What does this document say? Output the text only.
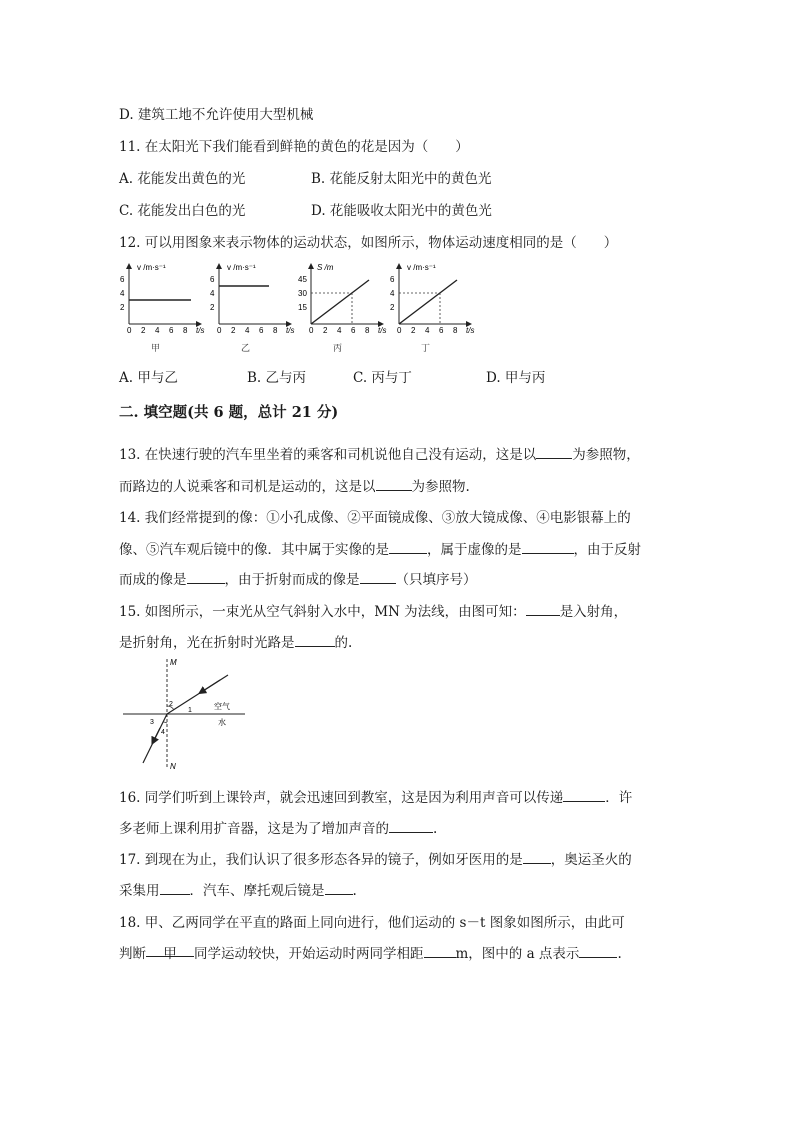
D. 建筑工地不允许使用大型机械
11. 在太阳光下我们能看到鲜艳的黄色的花是因为（　　）
A. 花能发出黄色的光	B. 花能反射太阳光中的黄色光
C. 花能发出白色的光	D. 花能吸收太阳光中的黄色光
12. 可以用图象来表示物体的运动状态，如图所示，物体运动速度相同的是（　　）
6
4
2
0 2 4 6 8 t/s
v /m·s⁻¹
甲
6
4
2
0 2 4 6 8 t/s
v /m·s⁻¹
乙
45
30
15
0 2 4 6 8 t/s
S /m
丙
6
4
2
0 2 4 6 8 t/s
v /m·s⁻¹
丁
A. 甲与乙	B. 乙与丙	C. 丙与丁	D. 甲与丙
二. 填空题(共 6 题，总计 21 分)
13. 在快速行驶的汽车里坐着的乘客和司机说他自己没有运动，这是以	为参照物，
而路边的人说乘客和司机是运动的，这是以	为参照物.
14. 我们经常提到的像：①小孔成像、②平面镜成像、③放大镜成像、④电影银幕上的
像、⑤汽车观后镜中的像．其中属于实像的是	，属于虚像的是	，由于反射
而成的像是	，由于折射而成的像是	（只填序号）
15. 如图所示，一束光从空气斜射入水中，MN 为法线，由图可知：	是入射角，
是折射角，光在折射时光路是	的.
M
N
2
1
3
4
空气
水
16. 同学们听到上课铃声，就会迅速回到教室，这是因为利用声音可以传递	．许
多老师上课利用扩音器，这是为了增加声音的	.
17. 到现在为止，我们认识了很多形态各异的镜子，例如牙医用的是 ，奥运圣火的
采集用 ．汽车、摩托观后镜是 .
18. 甲、乙两同学在平直的路面上同向进行，他们运动的 s－t 图象如图所示，由此可
判断 甲 同学运动较快，开始运动时两同学相距 m，图中的 a 点表示	.
